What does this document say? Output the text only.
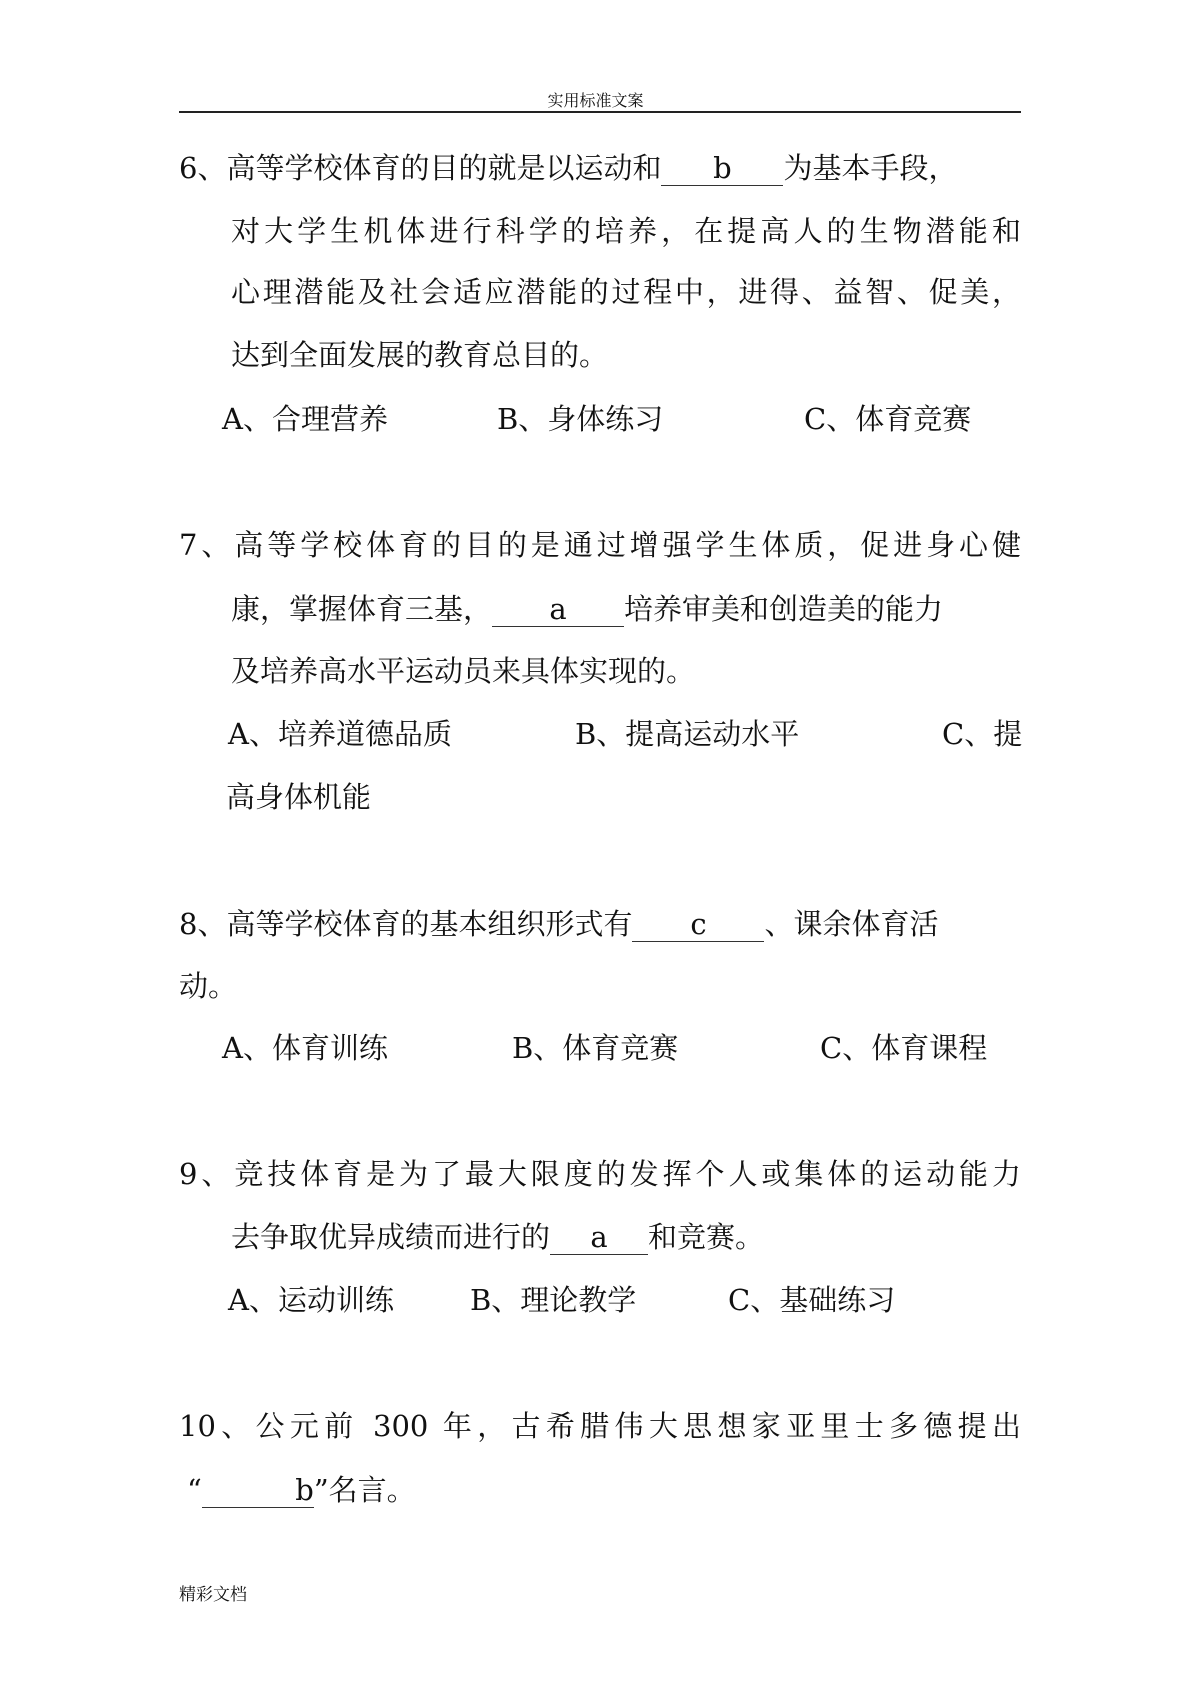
实用标准文案
6、高等学校体育的目的就是以运动和 b 为基本手段，
对大学生机体进行科学的培养，在提高人的生物潜能和
心理潜能及社会适应潜能的过程中，进得、益智、促美，
达到全面发展的教育总目的。
A、合理营养	B、身体练习	C、体育竞赛
7、高等学校体育的目的是通过增强学生体质，促进身心健
康，掌握体育三基， a 培养审美和创造美的能力
及培养高水平运动员来具体实现的。
A、培养道德品质	B、提高运动水平	C、提
高身体机能
8、高等学校体育的基本组织形式有 c 、课余体育活
动。
A、体育训练	B、体育竞赛	C、体育课程
9、竞技体育是为了最大限度的发挥个人或集体的运动能力
去争取优异成绩而进行的 a 和竞赛。
A、运动训练	B、理论教学	C、基础练习
10、公元前 300 年，古希腊伟大思想家亚里士多德提出
“	b”名言。
精彩文档
